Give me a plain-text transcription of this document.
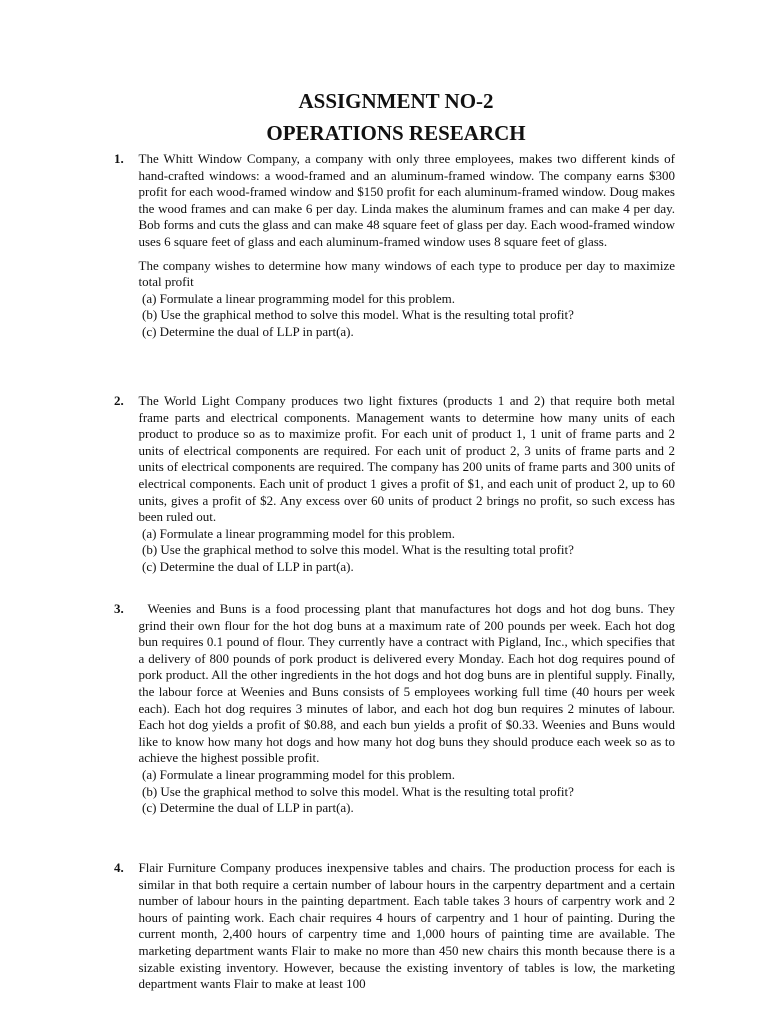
ASSIGNMENT NO-2
OPERATIONS RESEARCH
1.	The Whitt Window Company, a company with only three employees, makes two different kinds of hand-crafted windows: a wood-framed and an aluminum-framed window. The company earns $300 profit for each wood-framed window and $150 profit for each aluminum-framed window. Doug makes the wood frames and can make 6 per day. Linda makes the aluminum frames and can make 4 per day. Bob forms and cuts the glass and can make 48 square feet of glass per day. Each wood-framed window uses 6 square feet of glass and each aluminum-framed window uses 8 square feet of glass.

The company wishes to determine how many windows of each type to produce per day to maximize total profit

(a) Formulate a linear programming model for this problem.
(b) Use the graphical method to solve this model. What is the resulting total profit?
(c) Determine the dual of LLP in part(a).
2.	The World Light Company produces two light fixtures (products 1 and 2) that require both metal frame parts and electrical components. Management wants to determine how many units of each product to produce so as to maximize profit. For each unit of product 1, 1 unit of frame parts and 2 units of electrical components are required. For each unit of product 2, 3 units of frame parts and 2 units of electrical components are required. The company has 200 units of frame parts and 300 units of electrical components. Each unit of product 1 gives a profit of $1, and each unit of product 2, up to 60 units, gives a profit of $2. Any excess over 60 units of product 2 brings no profit, so such excess has been ruled out.

(a) Formulate a linear programming model for this problem.
(b) Use the graphical method to solve this model. What is the resulting total profit?
(c) Determine the dual of LLP in part(a).
3.	Weenies and Buns is a food processing plant that manufactures hot dogs and hot dog buns. They grind their own flour for the hot dog buns at a maximum rate of 200 pounds per week. Each hot dog bun requires 0.1 pound of flour. They currently have a contract with Pigland, Inc., which specifies that a delivery of 800 pounds of pork product is delivered every Monday. Each hot dog requires pound of pork product. All the other ingredients in the hot dogs and hot dog buns are in plentiful supply. Finally, the labour force at Weenies and Buns consists of 5 employees working full time (40 hours per week each). Each hot dog requires 3 minutes of labor, and each hot dog bun requires 2 minutes of labour. Each hot dog yields a profit of $0.88, and each bun yields a profit of $0.33. Weenies and Buns would like to know how many hot dogs and how many hot dog buns they should produce each week so as to achieve the highest possible profit.

(a) Formulate a linear programming model for this problem.
(b) Use the graphical method to solve this model. What is the resulting total profit?
(c) Determine the dual of LLP in part(a).
4.	Flair Furniture Company produces inexpensive tables and chairs. The production process for each is similar in that both require a certain number of labour hours in the carpentry department and a certain number of labour hours in the painting department. Each table takes 3 hours of carpentry work and 2 hours of painting work. Each chair requires 4 hours of carpentry and 1 hour of painting. During the current month, 2,400 hours of carpentry time and 1,000 hours of painting time are available. The marketing department wants Flair to make no more than 450 new chairs this month because there is a sizable existing inventory. However, because the existing inventory of tables is low, the marketing department wants Flair to make at least 100
